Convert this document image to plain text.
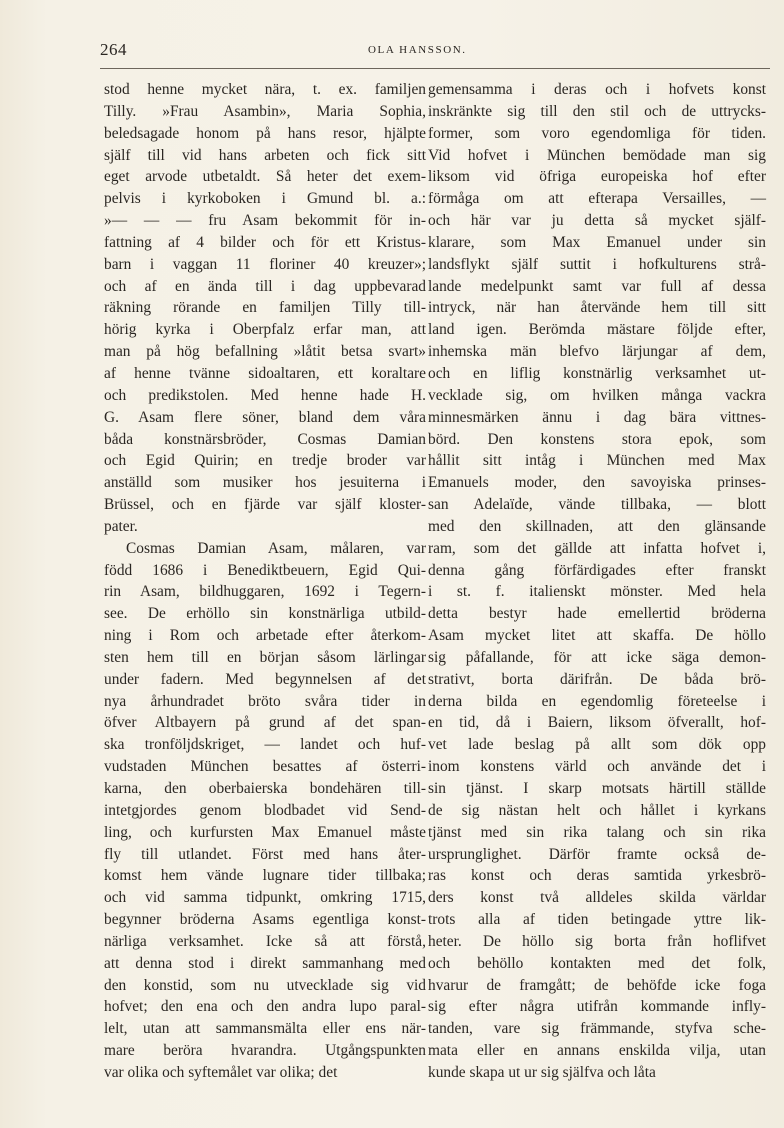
264	OLA HANSSON.
stod henne mycket nära, t. ex. familjen
Tilly. »Frau Asambin», Maria Sophia,
beledsagade honom på hans resor, hjälpte
själf till vid hans arbeten och fick sitt
eget arvode utbetaldt. Så heter det exem-
pelvis i kyrkoboken i Gmund bl. a.:
»— — — fru Asam bekommit för in-
fattning af 4 bilder och för ett Kristus-
barn i vaggan 11 floriner 40 kreuzer»;
och af en ända till i dag uppbevarad
räkning rörande en familjen Tilly till-
hörig kyrka i Oberpfalz erfar man, att
man på hög befallning »låtit betsa svart»
af henne tvänne sidoaltaren, ett koraltare
och predikstolen. Med henne hade H.
G. Asam flere söner, bland dem våra
båda konstnärsbröder, Cosmas Damian
och Egid Quirin; en tredje broder var
anställd som musiker hos jesuiterna i
Brüssel, och en fjärde var själf kloster-
pater.
Cosmas Damian Asam, målaren, var
född 1686 i Benediktbeuern, Egid Qui-
rin Asam, bildhuggaren, 1692 i Tegern-
see. De erhöllo sin konstnärliga utbild-
ning i Rom och arbetade efter återkom-
sten hem till en början såsom lärlingar
under fadern. Med begynnelsen af det
nya århundradet bröto svåra tider in
öfver Altbayern på grund af det span-
ska tronföljdskriget, — landet och huf-
vudstaden München besattes af österri-
karna, den oberbaierska bondehären till-
intetgjordes genom blodbadet vid Send-
ling, och kurfursten Max Emanuel måste
fly till utlandet. Först med hans åter-
komst hem vände lugnare tider tillbaka;
och vid samma tidpunkt, omkring 1715,
begynner bröderna Asams egentliga konst-
närliga verksamhet. Icke så att förstå,
att denna stod i direkt sammanhang med
den konstid, som nu utvecklade sig vid
hofvet; den ena och den andra lupo paral-
lelt, utan att sammansmälta eller ens när-
mare beröra hvarandra. Utgångspunkten
var olika och syftemålet var olika; det
gemensamma i deras och i hofvets konst
inskränkte sig till den stil och de uttrycks-
former, som voro egendomliga för tiden.
Vid hofvet i München bemödade man sig
liksom vid öfriga europeiska hof efter
förmåga om att efterapa Versailles, —
och här var ju detta så mycket själf-
klarare, som Max Emanuel under sin
landsflykt själf suttit i hofkulturens strå-
lande medelpunkt samt var full af dessa
intryck, när han återvände hem till sitt
land igen. Berömda mästare följde efter,
inhemska män blefvo lärjungar af dem,
och en liflig konstnärlig verksamhet ut-
vecklade sig, om hvilken många vackra
minnesmärken ännu i dag bära vittnes-
börd. Den konstens stora epok, som
hållit sitt intåg i München med Max
Emanuels moder, den savoyiska prinses-
san Adelaïde, vände tillbaka, — blott
med den skillnaden, att den glänsande
ram, som det gällde att infatta hofvet i,
denna gång förfärdigades efter franskt
i st. f. italienskt mönster. Med hela
detta bestyr hade emellertid bröderna
Asam mycket litet att skaffa. De höllo
sig påfallande, för att icke säga demon-
strativt, borta därifrån. De båda brö-
derna bilda en egendomlig företeelse i
en tid, då i Baiern, liksom öfverallt, hof-
vet lade beslag på allt som dök opp
inom konstens värld och använde det i
sin tjänst. I skarp motsats härtill ställde
de sig nästan helt och hållet i kyrkans
tjänst med sin rika talang och sin rika
ursprunglighet. Därför framte också de-
ras konst och deras samtida yrkesbrö-
ders konst två alldeles skilda världar
trots alla af tiden betingade yttre lik-
heter. De höllo sig borta från hoflifvet
och behöllo kontakten med det folk,
hvarur de framgått; de behöfde icke foga
sig efter några utifrån kommande infly-
tanden, vare sig främmande, styfva sche-
mata eller en annans enskilda vilja, utan
kunde skapa ut ur sig själfva och låta
